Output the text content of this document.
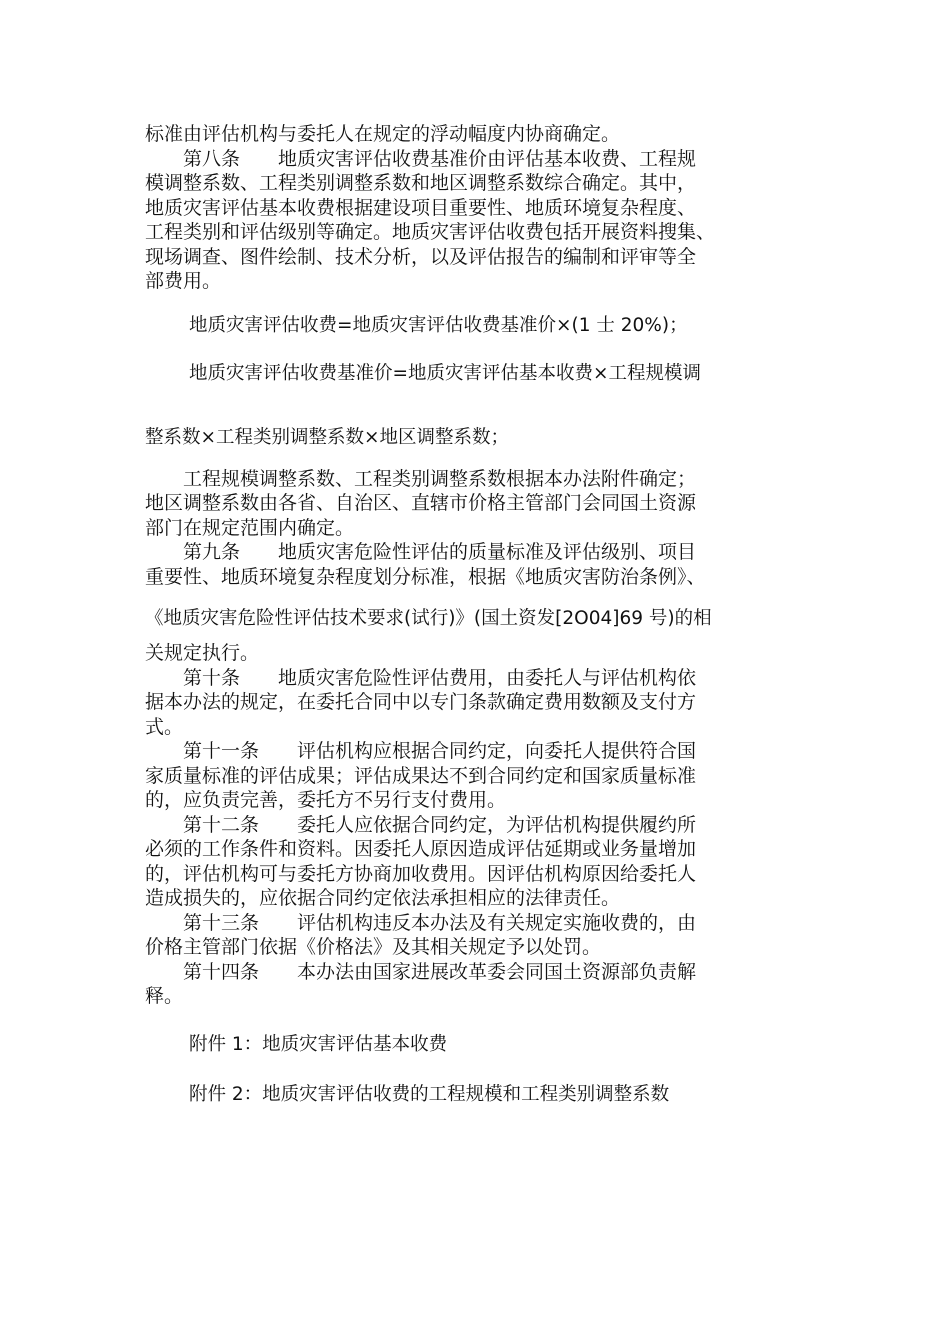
标准由评估机构与委托人在规定的浮动幅度内协商确定。

　　第八条　　地质灾害评估收费基准价由评估基本收费、工程规
模调整系数、工程类别调整系数和地区调整系数综合确定。其中，
地质灾害评估基本收费根据建设项目重要性、地质环境复杂程度、
工程类别和评估级别等确定。地质灾害评估收费包括开展资料搜集、
现场调查、图件绘制、技术分析，以及评估报告的编制和评审等全
部费用。

地质灾害评估收费=地质灾害评估收费基准价×(1 士 20%)；

地质灾害评估收费基准价=地质灾害评估基本收费×工程规模调

整系数×工程类别调整系数×地区调整系数；

　　工程规模调整系数、工程类别调整系数根据本办法附件确定；
地区调整系数由各省、自治区、直辖市价格主管部门会同国土资源
部门在规定范围内确定。

　　第九条　　地质灾害危险性评估的质量标准及评估级别、项目
重要性、地质环境复杂程度划分标准，根据《地质灾害防治条例》、

《地质灾害危险性评估技术要求(试行)》(国土资发[2O04]69 号)的相

关规定执行。

　　第十条　　地质灾害危险性评估费用，由委托人与评估机构依
据本办法的规定，在委托合同中以专门条款确定费用数额及支付方
式。

　　第十一条　　评估机构应根据合同约定，向委托人提供符合国
家质量标准的评估成果；评估成果达不到合同约定和国家质量标准
的，应负责完善，委托方不另行支付费用。

　　第十二条　　委托人应依据合同约定，为评估机构提供履约所
必须的工作条件和资料。因委托人原因造成评估延期或业务量增加
的，评估机构可与委托方协商加收费用。因评估机构原因给委托人
造成损失的，应依据合同约定依法承担相应的法律责任。

　　第十三条　　评估机构违反本办法及有关规定实施收费的，由
价格主管部门依据《价格法》及其相关规定予以处罚。

　　第十四条　　本办法由国家进展改革委会同国土资源部负责解
释。

附件 1：地质灾害评估基本收费

附件 2：地质灾害评估收费的工程规模和工程类别调整系数
